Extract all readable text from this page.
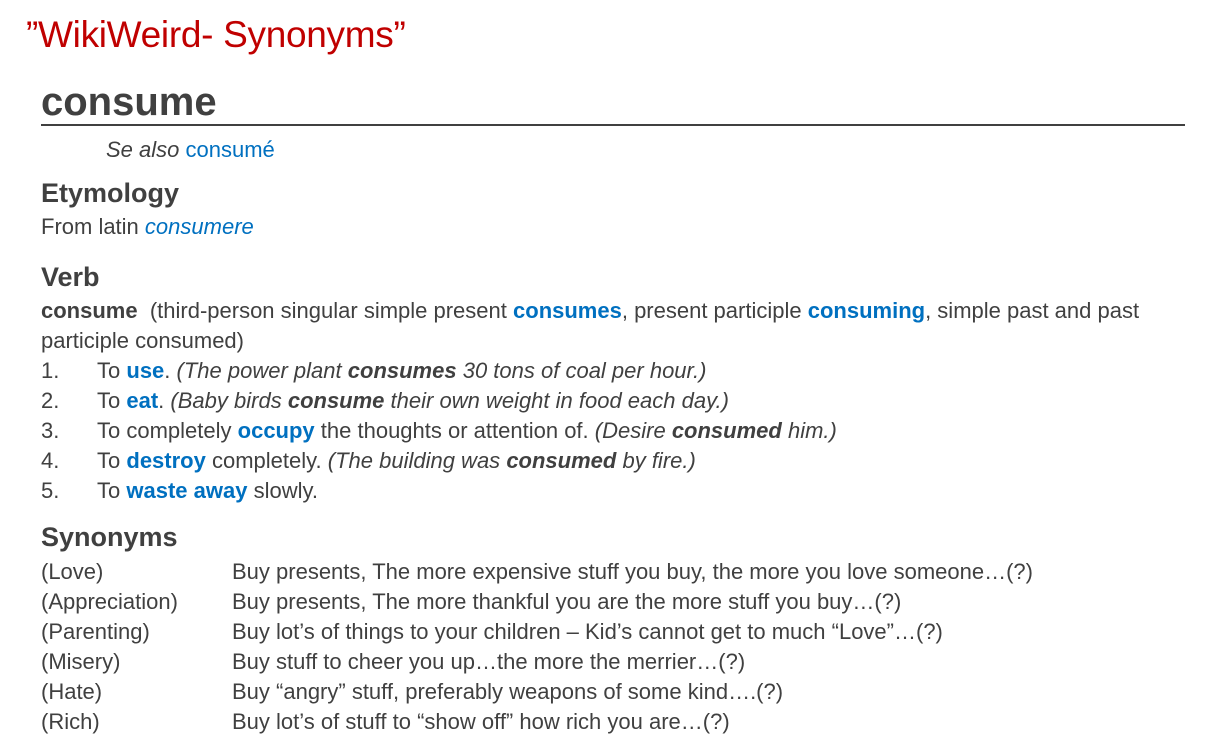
”WikiWeird- Synonyms”
consume
Se also consumé
Etymology
From latin consumere
Verb
consume (third-person singular simple present consumes, present participle consuming, simple past and past participle consumed)
1. To use. (The power plant consumes 30 tons of coal per hour.)
2. To eat. (Baby birds consume their own weight in food each day.)
3. To completely occupy the thoughts or attention of. (Desire consumed him.)
4. To destroy completely. (The building was consumed by fire.)
5. To waste away slowly.
Synonyms
(Love)	Buy presents, The more expensive stuff you buy, the more you love someone…(?)
(Appreciation)	Buy presents, The more thankful you are the more stuff you buy…(?)
(Parenting)	Buy lot’s of things to your children – Kid’s cannot get to much “Love”…(?)
(Misery)	Buy stuff to cheer you up…the more the merrier…(?)
(Hate)	Buy “angry” stuff, preferably weapons of some kind….(?)
(Rich)	Buy lot’s of stuff to “show off” how rich you are…(?)
